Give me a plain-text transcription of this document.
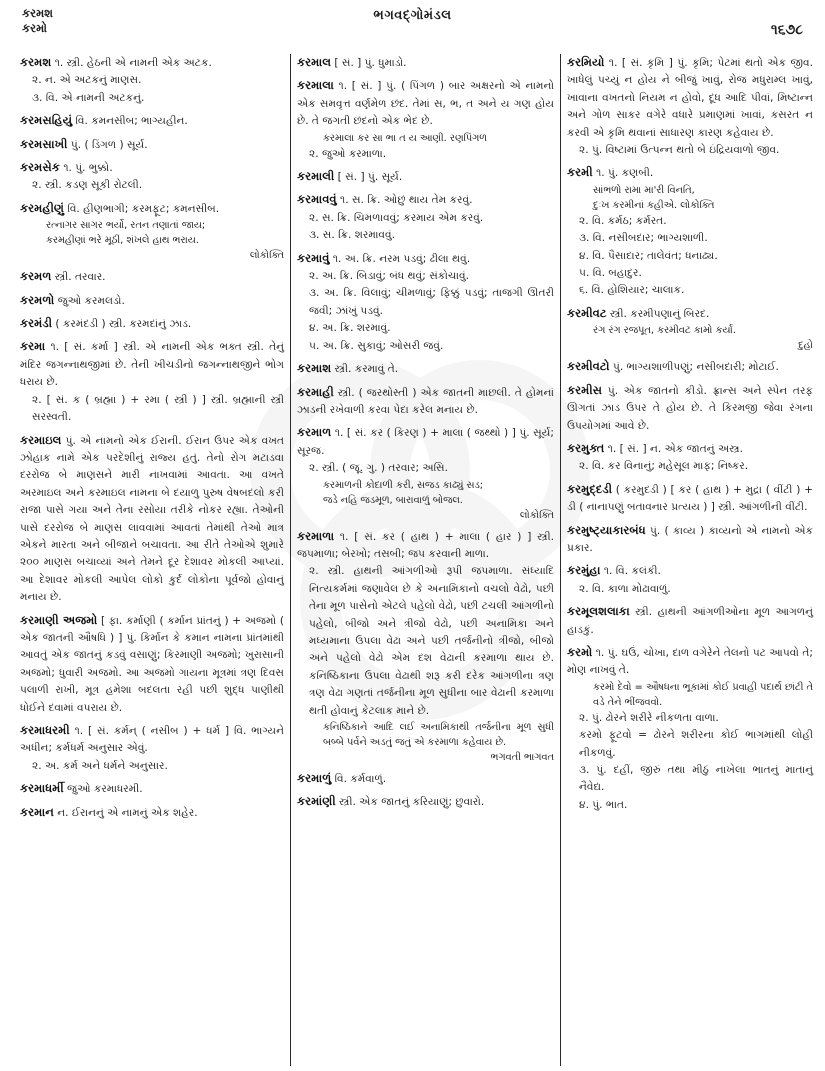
કરમશ
કરમો
ભગવદ્ગોમંડલ
૧૬૭૮
કરમશ ૧. સ્ત્રી. હેઠની એ નામની એક અટક.
૨. ન. એ અટકનું માણસ.
૩. વિ. એ નામની અટકનું.
કરમસહિયું વિ. કમનસીબ; ભાગ્યહીન.
કરમસાખી પું. ( ડિંગળ ) સૂર્ય.
કરમસેક ૧. પું. ભુક્કો.
૨. સ્ત્રી. કડણ સૂકી રોટલી.
કરમહીણું વિ. હીણભાગી; કરમફૂટ; કમનસીબ.
રત્નાગર સાગર ભર્યો, રતન તણાતાં જાય;
કરમહીણાં ભરે મૂઠી, શંખલે હાથ ભરાય.
લોકોક્તિ
કરમળ સ્ત્રી. તરવાર.
કરમળો જુઓ કરમલડો.
કરમંડી ( કરમંદડી ) સ્ત્રી. કરમદાંનું ઝાડ.
કરમા ૧. [ સં. કર્મા ] સ્ત્રી. એ નામની એક ભક્ત સ્ત્રી. તેનું મંદિર જગન્નાથજીમાં છે. તેની ખીચડીનો જગન્નાથજીને ભોગ ધરાય છે.
૨. [ સં. ક ( બ્રહ્મા ) + રમા ( સ્ત્રી ) ] સ્ત્રી. બ્રહ્માની સ્ત્રી સરસ્વતી.
કરમાઇલ પું. એ નામનો એક ઈરાની. ઈરાન ઉપર એક વખત ઝોહાક નામે એક પરદેશીનું રાજ્ય હતું. તેનો રોગ મટાડવા દરરોજ બે માણસને મારી નાખવામાં આવતા. આ વખતે અરમાઇલ અને કરમાઇલ નામના બે દયાળુ પુરુષ વેષબદલો કરી રાજા પાસે ગયા અને તેના રસોયા તરીકે નોકર રહ્યા. તેઓની પાસે દરરોજ બે માણસ લાવવામાં આવતાં તેમાંથી તેઓ માત્ર એકને મારતા અને બીજાને બચાવતા. આ રીતે તેઓએ શુમારે ૨૦૦ માણસ બચાવ્યાં અને તેમને દૂર દેશાવર મોકલી આપ્યાં. આ દેશાવર મોકલી આપેલ લોકો કુર્દ લોકોના પૂર્વજો હોવાનું મનાય છે.
કરમાણી અજમો [ ફા. કર્માણી ( કર્માન પ્રાંતનું ) + અજમો ( એક જાતની ઔષધિ ) ] પું. કિર્માન કે કમાન નામના પ્રાંતમાંથી આવતું એક જાતનું કડવું વસાણું; કિરમાણી અજમો; ખુરાસાની અજમો; ધુવારી અજમો. આ અજમો ગાયના મૂત્રમાં ત્રણ દિવસ પલાળી રાખી, મૂત્ર હમેશા બદલતા રહી પછી શુદ્ધ પાણીથી ધોઈને દવામાં વપરાય છે.
કરમાધરમી ૧. [ સં. કર્મન્ ( નસીબ ) + ધર્મ ] વિ. ભાગ્યને અધીન; કર્મધર્મ અનુસાર એવું.
૨. અ. કર્મ અને ધર્મને અનુસાર.
કરમાધર્મી જુઓ કરમાધરમી.
કરમાન ન. ઈરાનનું એ નામનું એક શહેર.
કરમાલ [ સં. ] પું. ધુમાડો.
કરમાલા ૧. [ સં. ] પું. ( પિંગળ ) બાર અક્ષરનો એ નામનો એક સમવૃત્ત વર્ણમેળ છંદ. તેમાં સ, ભ, ત અને ય ગણ હોય છે. તે જગતી છંદનો એક ભેદ છે.
કરમાલા કર સા ભા ત ય આણી. રણપિંગળ
૨. જુઓ કરમાળા.
કરમાલી [ સં. ] પું. સૂર્ય.
કરમાવવું ૧. સ. ક્રિ. ઓછું થાય તેમ કરવું.
૨. સ. ક્રિ. ચિમળાવવું; કરમાય એમ કરવું.
૩. સ. ક્રિ. શરમાવવું.
કરમાવું ૧. અ. ક્રિ. નરમ પડવું; ઢીલા થવું.
૨. અ. ક્રિ. બિડાવું; બંધ થવું; સંકોચાવું.
૩. અ. ક્રિ. વિલાવું; ચીમળાવું; ફિક્કું પડવું; તાજગી ઊતરી જવી; ઝાંખું પડવું.
૪. અ. ક્રિ. શરમાવું.
૫. અ. ક્રિ. સુકાવું; ઓસરી જવું.
કરમાશ સ્ત્રી. કરમાવું તે.
કરમાહી સ્ત્રી. ( જરથોસ્તી ) એક જાતની માછલી. તે હોમનાં ઝાડની રખેવાળી કરવા પેદા કરેલ મનાય છે.
કરમાળ ૧. [ સં. કર ( કિરણ ) + માલા ( જથ્થો ) ] પું. સૂર્ય; સૂરજ.
૨. સ્ત્રી. ( જૂ. ગુ. ) તરવાર; અસિ.
કરમાળની કોદાળી કરી, સજડ કાઢ્યું સડ;
જડે નહિ જડમૂળ, બારાવાળું બોજલ.
લોકોક્તિ
કરમાળા ૧. [ સં. કર ( હાથ ) + માલા ( હાર ) ] સ્ત્રી. જપમાળા; બેરખો; તસબી; જપ કરવાની માળા.
૨. સ્ત્રી. હાથની આંગળીઓ રૂપી જપમાળા. સંધ્યાદિ નિત્યકર્મમાં જણાવેલ છે કે અનામિકાનો વચલો વેઢો, પછી તેના મૂળ પાસેનો એટલે પહેલો વેઢો, પછી ટચલી આંગળીનો પહેલો, બીજો અને ત્રીજો વેઢો, પછી અનામિકા અને મધ્યમાના ઉપલા વેઢા અને પછી તર્જનીનો ત્રીજો, બીજો અને પહેલો વેઢો એમ દશ વેઢાની કરમાળા થાય છે. કનિષ્ઠિકાના ઉપલા વેઢાથી શરૂ કરી દરેક આંગળીના ત્રણ ત્રણ વેઢા ગણતાં તર્જનીના મૂળ સુધીના બાર વેઢાની કરમાળા થતી હોવાનું કેટલાક માને છે.
કનિષ્ઠિકાને આદિ લઈ અનામિકાથી તર્જનીના મૂળ સુધી બબ્બે પર્વને અડતું જતું એ કરમાળા કહેવાય છે.
ભગવતી ભાગવત
કરમાળું વિ. કર્મવાળું.
કરમાંણી સ્ત્રી. એક જાતનું કરિયાણું; છુવારો.
કરમિયો ૧. [ સં. કૃમિ ] પું. કૃમિ; પેટમાં થતો એક જીવ. ખાધેલું પચ્યું ન હોય ને બીજું ખાવું, રોજ મધુરામ્લ ખાવું, ખાવાના વખતનો નિયમ ન હોવો, દૂધ આદિ પીવાં, મિષ્ટાન્ન અને ગોળ સાકર વગેરે વધારે પ્રમાણમાં ખાવાં, કસરત ન કરવી એ કૃમિ થવાનાં સાધારણ કારણ કહેવાય છે.
૨. પું. વિષ્ટામાં ઉત્પન્ન થતો બે ઇંદ્રિયવાળો જીવ.
કરમી ૧. પું. કણબી.
સાંભળો રામા મા'રી વિનતિ,
દુઃખ કરમીનાં કહીએ. લોકોક્તિ
૨. વિ. કર્મઠ; કર્મરત.
૩. વિ. નસીબદાર; ભાગ્યશાળી.
૪. વિ. પૈસાદાર; તાલેવંત; ધનાઢ્ય.
૫. વિ. બહાદુર.
૬. વિ. હોશિયાર; ચાલાક.
કરમીવટ સ્ત્રી. કરમીપણાનું બિરદ.
રંગ રંગ રજપૂત, કરમીવટ કામો કર્યાં.
દુહો
કરમીવટો પું. ભાગ્યશાળીપણું; નસીબદારી; મોટાઈ.
કરમીસ પું. એક જાતનો કીડો. ફ્રાન્સ અને સ્પેન તરફ ઊગતાં ઝાડ ઉપર તે હોય છે. તે કિરમજી જેવા રંગના ઉપયોગમાં આવે છે.
કરમુક્ત ૧. [ સં. ] ન. એક જાતનું અસ્ત્ર.
૨. વિ. કર વિનાનું; મહેસૂલ માફ; નિષ્કર.
કરમુદ્દડી ( કરમુદડી ) [ કર ( હાથ ) + મુદ્રા ( વીંટી ) + ડી ( નાનાપણું બતાવનાર પ્રત્યય ) ] સ્ત્રી. આંગળીની વીંટી.
કરમુષ્ટ્યાકારબંધ પું. ( કાવ્ય ) કાવ્યનો એ નામનો એક પ્રકાર.
કરમુંહા ૧. વિ. કલંકી.
૨. વિ. કાળા મોઢાવાળું.
કરમૂલશલાકા સ્ત્રી. હાથની આંગળીઓના મૂળ આગળનું હાડકું.
કરમો ૧. પું. ઘઉં, ચોખા, દાળ વગેરેને તેલનો પટ આપવો તે; મોણ નાખવું તે.
કરમો દેવો = ઔષધના ભૂકામાં કોઈ પ્રવાહી પદાર્થ છાંટી તે વડે તેને ભીંજવવો.
૨. પું. ઢોરને શરીરે નીકળતા વાળા.
કરમો ફૂટવો = ઢોરને શરીરના કોઈ ભાગમાંથી લોહી નીકળવું.
૩. પું. દહીં, જીરું તથા મીઠું નાખેલા ભાતનું માતાનું નૈવેદ્ય.
૪. પું. ભાત.
